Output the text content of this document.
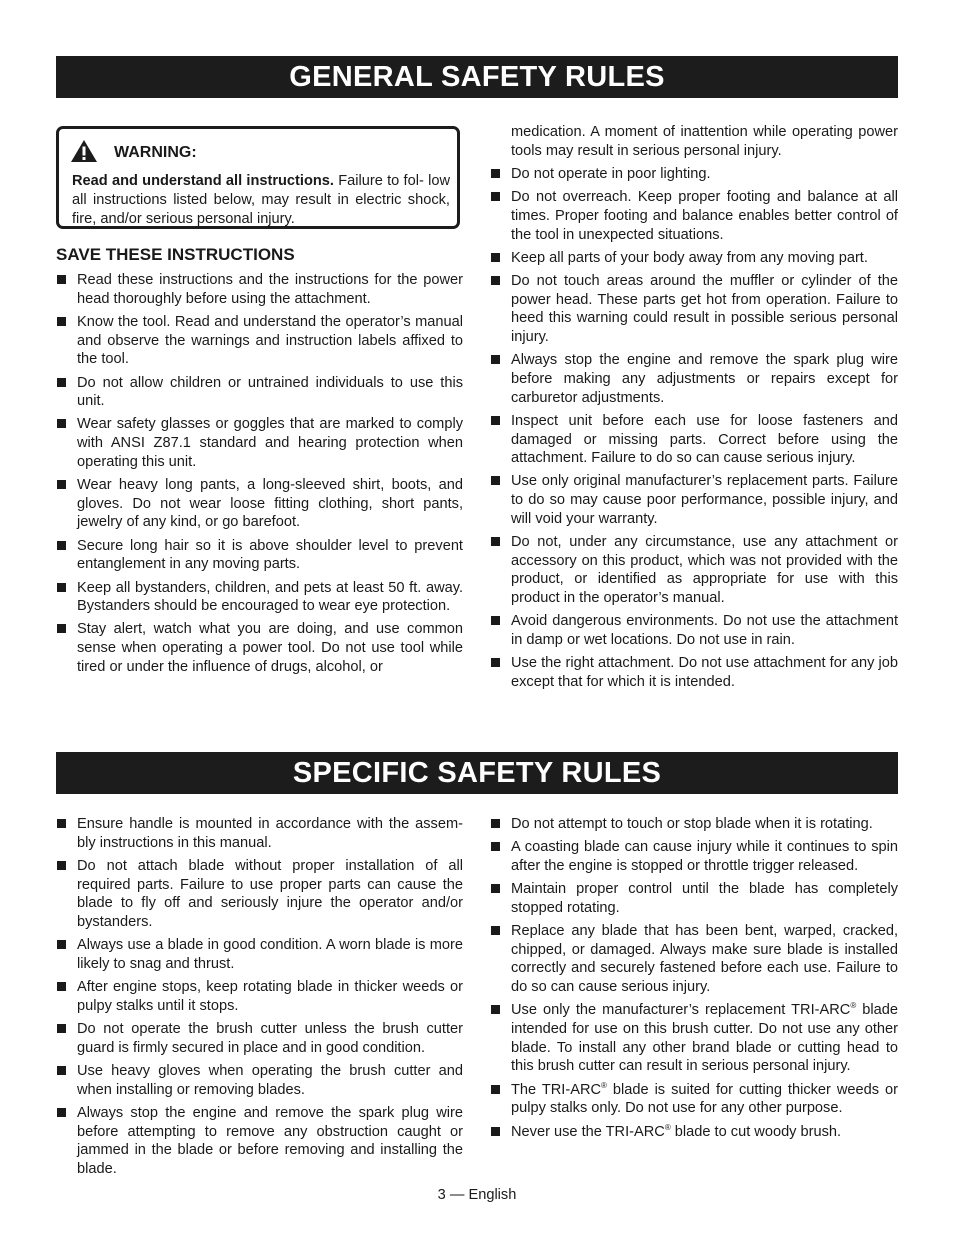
GENERAL SAFETY RULES
WARNING:
Read and understand all instructions. Failure to fol- low all instructions listed below, may result in electric shock, fire, and/or serious personal injury.
SAVE THESE INSTRUCTIONS
Read these instructions and the instructions for the power head thoroughly before using the attachment.
Know the tool. Read and understand the operator’s manual and observe the warnings and instruction labels affixed to the tool.
Do not allow children or untrained individuals to use this unit.
Wear safety glasses or goggles that are marked to comply with ANSI Z87.1 standard and hearing protection when operating this unit.
Wear heavy long pants, a long-sleeved shirt, boots, and gloves. Do not wear loose fitting clothing, short pants, jewelry of any kind, or go barefoot.
Secure long hair so it is above shoulder level to prevent entanglement in any moving parts.
Keep all bystanders, children, and pets at least 50 ft. away. Bystanders should be encouraged to wear eye protection.
Stay alert, watch what you are doing, and use common sense when operating a power tool. Do not use tool while tired or under the influence of drugs, alcohol, or
medication. A moment of inattention while operating power tools may result in serious personal injury.
Do not operate in poor lighting.
Do not overreach. Keep proper footing and balance at all times. Proper footing and balance enables better control of the tool in unexpected situations.
Keep all parts of your body away from any moving part.
Do not touch areas around the muffler or cylinder of the power head. These parts get hot from operation. Failure to heed this warning could result in possible serious personal injury.
Always stop the engine and remove the spark plug wire before making any adjustments or repairs except for carburetor adjustments.
Inspect unit before each use for loose fasteners and damaged or missing parts. Correct before using the attachment. Failure to do so can cause serious injury.
Use only original manufacturer’s replacement parts. Failure to do so may cause poor performance, possible injury, and will void your warranty.
Do not, under any circumstance, use any attachment or accessory on this product, which was not provided with the product, or identified as appropriate for use with this product in the operator’s manual.
Avoid dangerous environments. Do not use the attachment in damp or wet locations. Do not use in rain.
Use the right attachment. Do not use attachment for any job except that for which it is intended.
SPECIFIC SAFETY RULES
Ensure handle is mounted in accordance with the assem- bly instructions in this manual.
Do not attach blade without proper installation of all required parts. Failure to use proper parts can cause the blade to fly off and seriously injure the operator and/or bystanders.
Always use a blade in good condition. A worn blade is more likely to snag and thrust.
After engine stops, keep rotating blade in thicker weeds or pulpy stalks until it stops.
Do not operate the brush cutter unless the brush cutter guard is firmly secured in place and in good condition.
Use heavy gloves when operating the brush cutter and when installing or removing blades.
Always stop the engine and remove the spark plug wire before attempting to remove any obstruction caught or jammed in the blade or before removing and installing the blade.
Do not attempt to touch or stop blade when it is rotating.
A coasting blade can cause injury while it continues to spin after the engine is stopped or throttle trigger released.
Maintain proper control until the blade has completely stopped rotating.
Replace any blade that has been bent, warped, cracked, chipped, or damaged. Always make sure blade is installed correctly and securely fastened before each use. Failure to do so can cause serious injury.
Use only the manufacturer’s replacement TRI-ARC® blade intended for use on this brush cutter. Do not use any other blade. To install any other brand blade or cutting head to this brush cutter can result in serious personal injury.
The TRI-ARC® blade is suited for cutting thicker weeds or pulpy stalks only. Do not use for any other purpose.
Never use the TRI-ARC® blade to cut woody brush.
3 — English
